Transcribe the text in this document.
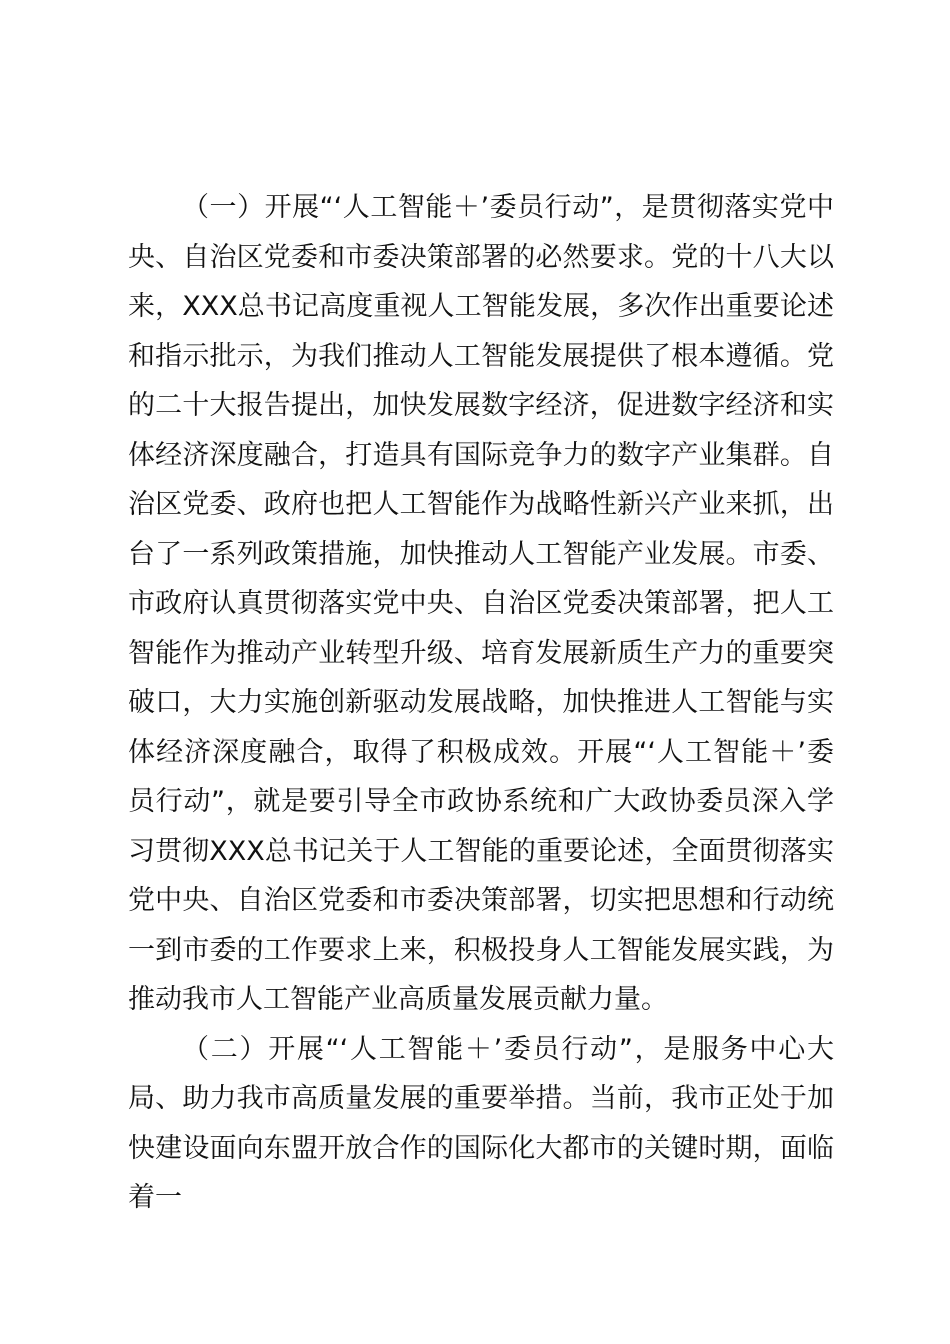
（一）开展“‘人工智能＋’委员行动”，是贯彻落实党中央、自治区党委和市委决策部署的必然要求。党的十八大以来，XXX总书记高度重视人工智能发展，多次作出重要论述和指示批示，为我们推动人工智能发展提供了根本遵循。党的二十大报告提出，加快发展数字经济，促进数字经济和实体经济深度融合，打造具有国际竞争力的数字产业集群。自治区党委、政府也把人工智能作为战略性新兴产业来抓，出台了一系列政策措施，加快推动人工智能产业发展。市委、市政府认真贯彻落实党中央、自治区党委决策部署，把人工智能作为推动产业转型升级、培育发展新质生产力的重要突破口，大力实施创新驱动发展战略，加快推进人工智能与实体经济深度融合，取得了积极成效。开展“‘人工智能＋’委员行动”，就是要引导全市政协系统和广大政协委员深入学习贯彻XXX总书记关于人工智能的重要论述，全面贯彻落实党中央、自治区党委和市委决策部署，切实把思想和行动统一到市委的工作要求上来，积极投身人工智能发展实践，为推动我市人工智能产业高质量发展贡献力量。

（二）开展“‘人工智能＋’委员行动”，是服务中心大局、助力我市高质量发展的重要举措。当前，我市正处于加快建设面向东盟开放合作的国际化大都市的关键时期，面临着一
